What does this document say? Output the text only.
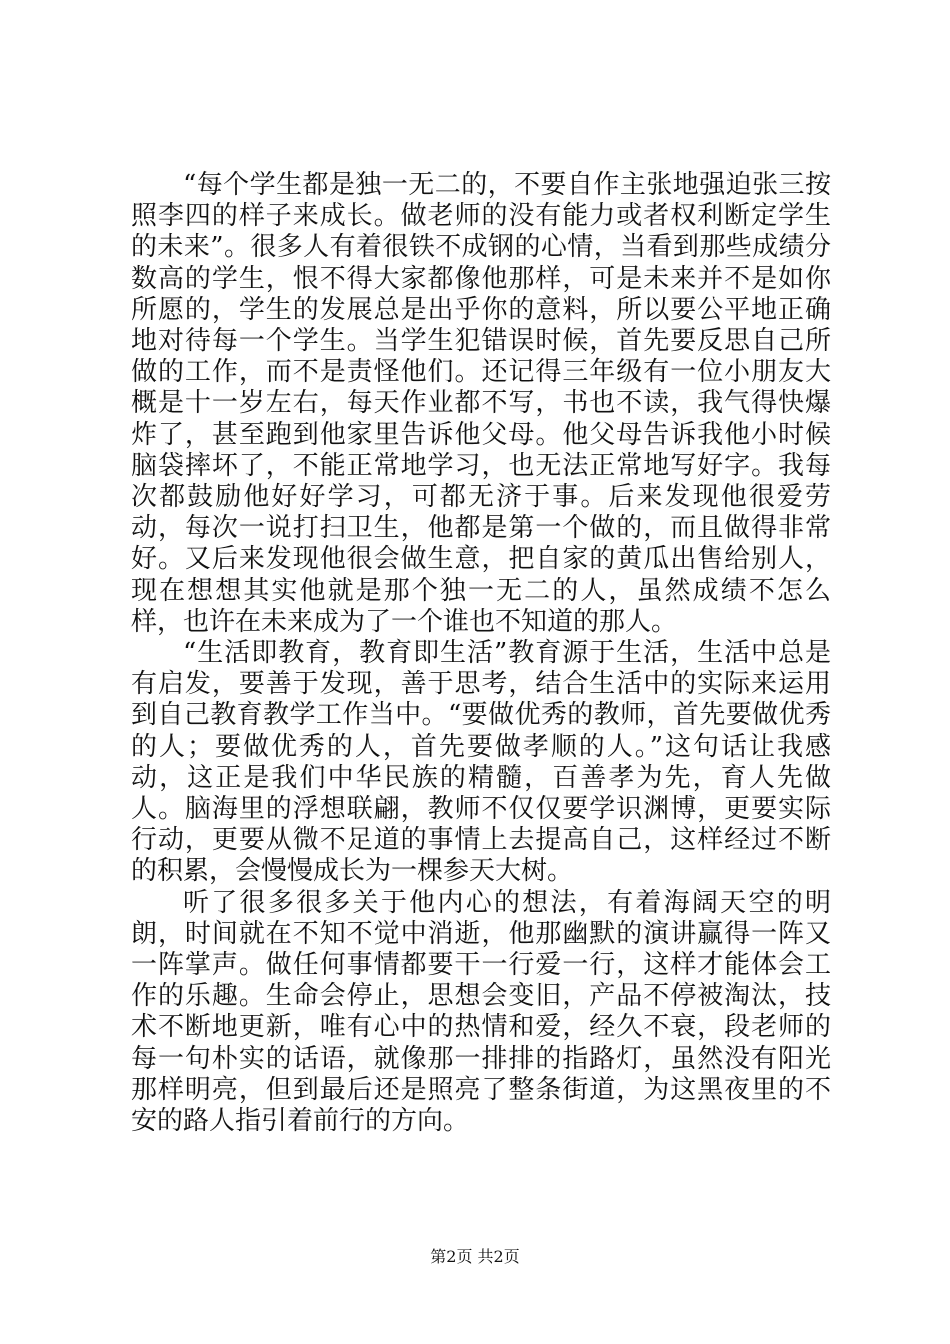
“每个学生都是独一无二的，不要自作主张地强迫张三按照李四的样子来成长。做老师的没有能力或者权利断定学生的未来”。很多人有着很铁不成钢的心情，当看到那些成绩分数高的学生，恨不得大家都像他那样，可是未来并不是如你所愿的，学生的发展总是出乎你的意料，所以要公平地正确地对待每一个学生。当学生犯错误时候，首先要反思自己所做的工作，而不是责怪他们。还记得三年级有一位小朋友大概是十一岁左右，每天作业都不写，书也不读，我气得快爆炸了，甚至跑到他家里告诉他父母。他父母告诉我他小时候脑袋摔坏了，不能正常地学习，也无法正常地写好字。我每次都鼓励他好好学习，可都无济于事。后来发现他很爱劳动，每次一说打扫卫生，他都是第一个做的，而且做得非常好。又后来发现他很会做生意，把自家的黄瓜出售给别人，现在想想其实他就是那个独一无二的人，虽然成绩不怎么样，也许在未来成为了一个谁也不知道的那人。

“生活即教育，教育即生活”教育源于生活，生活中总是有启发，要善于发现，善于思考，结合生活中的实际来运用到自己教育教学工作当中。“要做优秀的教师，首先要做优秀的人；要做优秀的人，首先要做孝顺的人。”这句话让我感动，这正是我们中华民族的精髓，百善孝为先，育人先做人。脑海里的浮想联翩，教师不仅仅要学识渊博，更要实际行动，更要从微不足道的事情上去提高自己，这样经过不断的积累，会慢慢成长为一棵参天大树。

听了很多很多关于他内心的想法，有着海阔天空的明朗，时间就在不知不觉中消逝，他那幽默的演讲赢得一阵又一阵掌声。做任何事情都要干一行爱一行，这样才能体会工作的乐趣。生命会停止，思想会变旧，产品不停被淘汰，技术不断地更新，唯有心中的热情和爱，经久不衰，段老师的每一句朴实的话语，就像那一排排的指路灯，虽然没有阳光那样明亮，但到最后还是照亮了整条街道，为这黑夜里的不安的路人指引着前行的方向。

第2页 共2页
